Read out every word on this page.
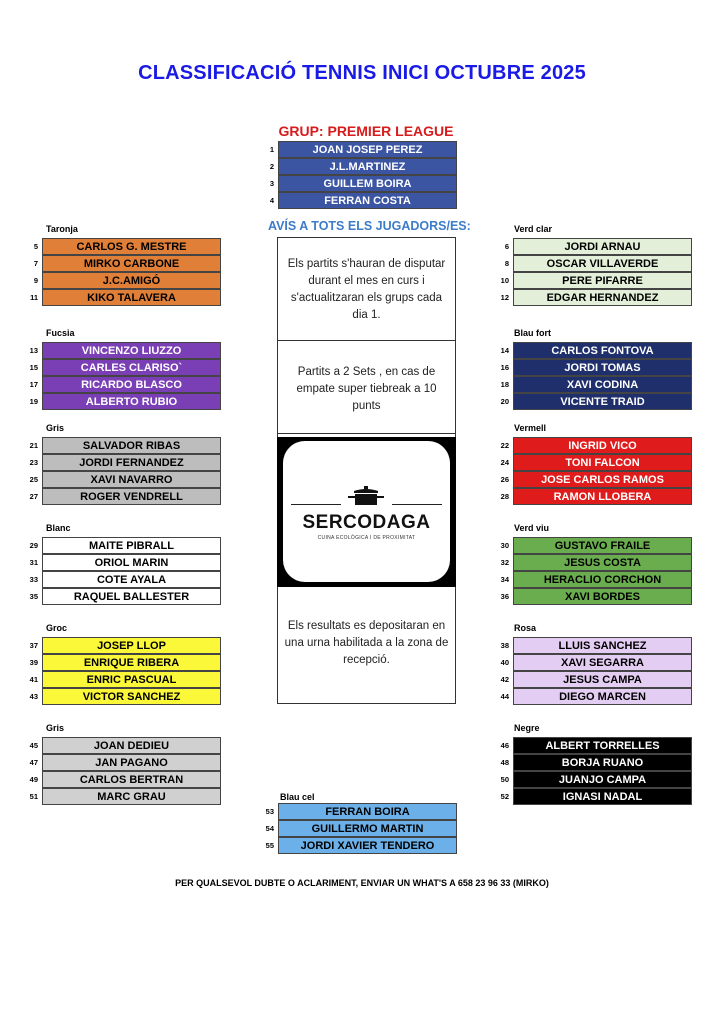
CLASSIFICACIÓ TENNIS INICI OCTUBRE 2025
GRUP: PREMIER LEAGUE
1	JOAN JOSEP PEREZ
2	J.L.MARTINEZ
3	GUILLEM BOIRA
4	FERRAN COSTA
AVÍS A TOTS ELS JUGADORS/ES:
Els partits s'hauran de disputar durant el mes en curs i s'actualitzaran els grups cada dia 1.
Partits a 2 Sets , en cas de empate super tiebreak a 10 punts
SERCODAGA
CUINA ECOLÒGICA I DE PROXIMITAT
Els resultats es depositaran en una urna habilitada a la zona de recepció.
Taronja
5	CARLOS G. MESTRE
7	MIRKO CARBONE
9	J.C.AMIGÓ
11	KIKO TALAVERA
Fucsia
13	VINCENZO LIUZZO
15	CARLES CLARISO`
17	RICARDO BLASCO
19	ALBERTO RUBIO
Gris
21	SALVADOR RIBAS
23	JORDI FERNANDEZ
25	XAVI NAVARRO
27	ROGER VENDRELL
Blanc
29	MAITE PIBRALL
31	ORIOL MARIN
33	COTE AYALA
35	RAQUEL BALLESTER
Groc
37	JOSEP LLOP
39	ENRIQUE RIBERA
41	ENRIC PASCUAL
43	VICTOR SANCHEZ
Gris
45	JOAN DEDIEU
47	JAN PAGANO
49	CARLOS BERTRAN
51	MARC GRAU
Verd clar
6	JORDI ARNAU
8	OSCAR VILLAVERDE
10	PERE PIFARRE
12	EDGAR HERNANDEZ
Blau fort
14	CARLOS FONTOVA
16	JORDI TOMAS
18	XAVI CODINA
20	VICENTE TRAID
Vermell
22	INGRID VICO
24	TONI FALCON
26	JOSE CARLOS RAMOS
28	RAMON LLOBERA
Verd viu
30	GUSTAVO FRAILE
32	JESUS COSTA
34	HERACLIO CORCHON
36	XAVI BORDES
Rosa
38	LLUIS SANCHEZ
40	XAVI SEGARRA
42	JESUS CAMPA
44	DIEGO MARCEN
Negre
46	ALBERT TORRELLES
48	BORJA RUANO
50	JUANJO CAMPA
52	IGNASI NADAL
Blau cel
53	FERRAN BOIRA
54	GUILLERMO MARTIN
55	JORDI XAVIER TENDERO
PER QUALSEVOL DUBTE O ACLARIMENT, ENVIAR UN WHAT'S A 658 23 96 33 (MIRKO)
